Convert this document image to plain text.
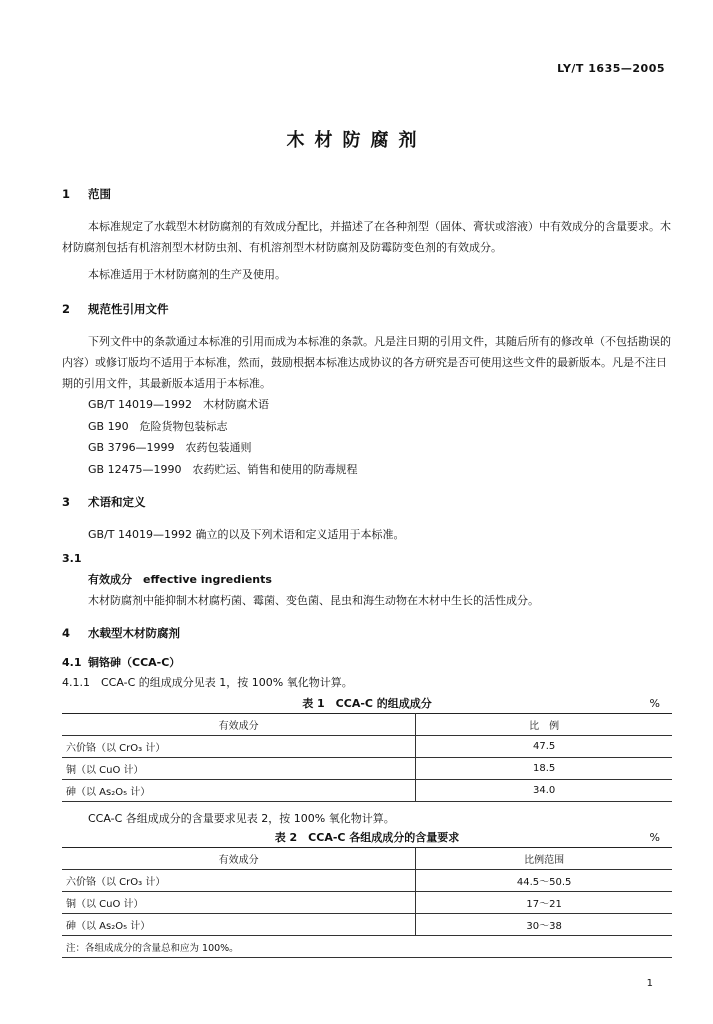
LY/T 1635—2005
木材防腐剂
1 范围

本标准规定了水载型木材防腐剂的有效成分配比，并描述了在各种剂型（固体、膏状或溶液）中有效成分的含量要求。木材防腐剂包括有机溶剂型木材防虫剂、有机溶剂型木材防腐剂及防霉防变色剂的有效成分。

本标准适用于木材防腐剂的生产及使用。

2 规范性引用文件

下列文件中的条款通过本标准的引用而成为本标准的条款。凡是注日期的引用文件，其随后所有的修改单（不包括勘误的内容）或修订版均不适用于本标准，然而，鼓励根据本标准达成协议的各方研究是否可使用这些文件的最新版本。凡是不注日期的引用文件，其最新版本适用于本标准。

GB/T 14019—1992　木材防腐术语
GB 190　危险货物包装标志
GB 3796—1999　农药包装通则
GB 12475—1990　农药贮运、销售和使用的防毒规程
3 术语和定义

GB/T 14019—1992 确立的以及下列术语和定义适用于本标准。

3.1

有效成分　effective ingredients

木材防腐剂中能抑制木材腐朽菌、霉菌、变色菌、昆虫和海生动物在木材中生长的活性成分。

4 水载型木材防腐剂
4.1 铜铬砷（CCA-C）
4.1.1　CCA-C 的组成成分见表 1，按 100% 氧化物计算。
表 1　CCA-C 的组成成分	%
有效成分	比　例
六价铬（以 CrO₃ 计）	47.5
铜（以 CuO 计）	18.5
砷（以 As₂O₅ 计）	34.0

CCA-C 各组成成分的含量要求见表 2，按 100% 氧化物计算。

表 2　CCA-C 各组成成分的含量要求	%
有效成分	比例范围
六价铬（以 CrO₃ 计）	44.5～50.5
铜（以 CuO 计）	17～21
砷（以 As₂O₅ 计）	30～38
注：各组成成分的含量总和应为 100%。	
1
